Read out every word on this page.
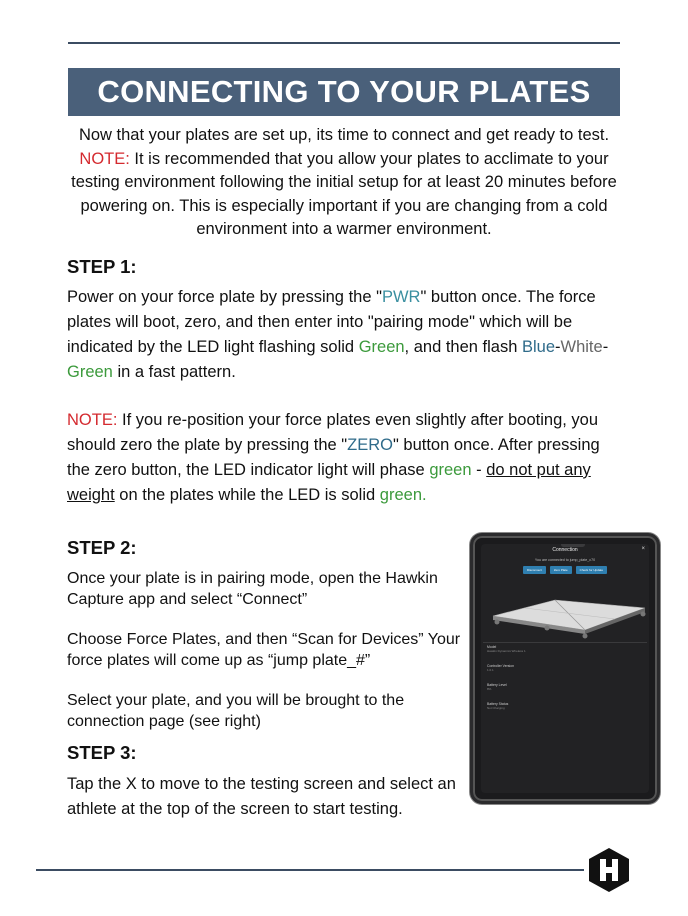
CONNECTING TO YOUR PLATES
Now that your plates are set up, its time to connect and get ready to test. NOTE: It is recommended that you allow your plates to acclimate to your testing environment following the initial setup for at least 20 minutes before powering on. This is especially important if you are changing from a cold environment into a warmer environment.
STEP 1:
Power on your force plate by pressing the "PWR" button once. The force plates will boot, zero, and then enter into "pairing mode" which will be indicated by the LED light flashing solid Green, and then flash Blue-White-Green in a fast pattern.
NOTE: If you re-position your force plates even slightly after booting, you should zero the plate by pressing the "ZERO" button once. After pressing the zero button, the LED indicator light will phase green - do not put any weight on the plates while the LED is solid green.
STEP 2:
Once your plate is in pairing mode, open the Hawkin Capture app and select “Connect”
Choose Force Plates, and then “Scan for Devices” Your force plates will come up as “jump plate_#”
Select your plate, and you will be brought to the connection page (see right)
STEP 3:
Tap the X to move to the testing screen and select an athlete at the top of the screen to start testing.
Connection	×
You are connected to jump_plate_c70
Disconnect	Zero Plate	Check for Update
Model
Hawkin Dynamics Wireless 1
Controller Version
1.0.1
Battery Level
8%
Battery Status
Not Charging
H
